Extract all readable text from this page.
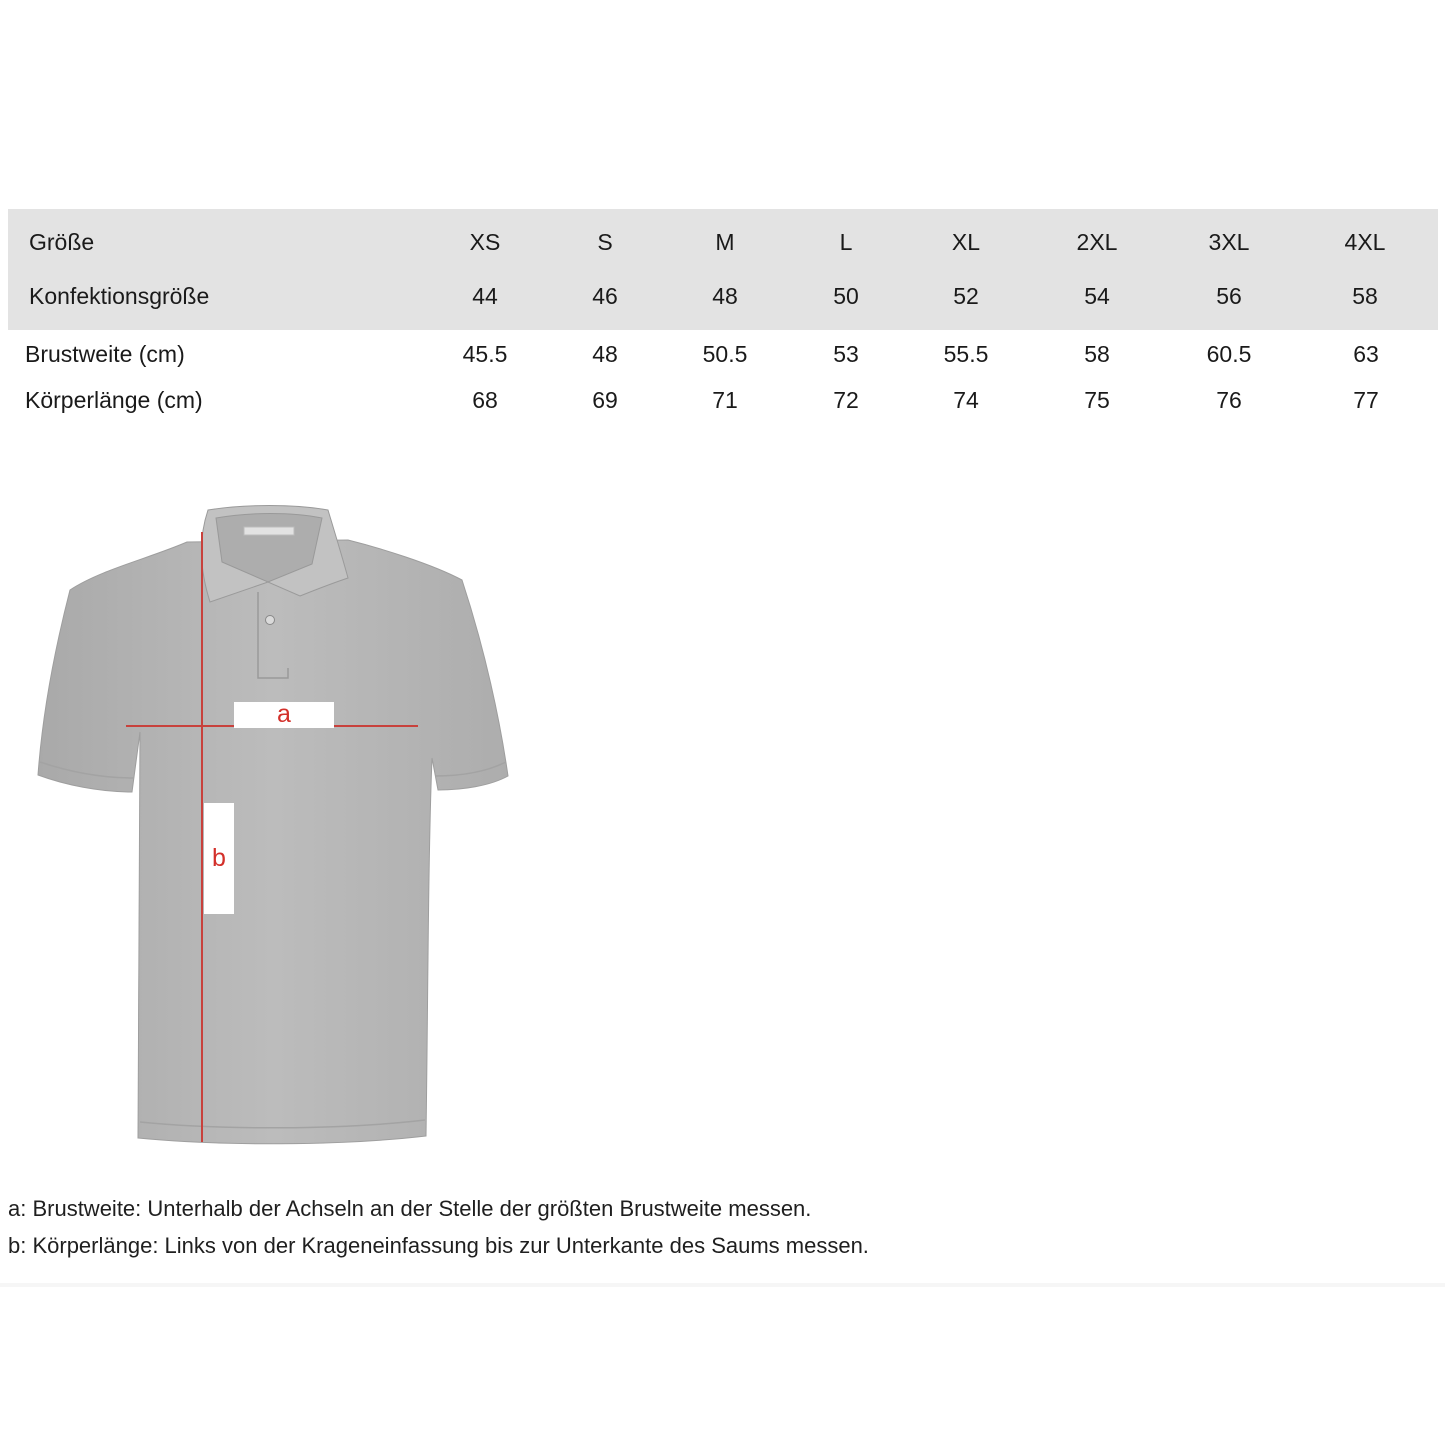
Größe	XS	S	M	L	XL	2XL	3XL	4XL
Konfektionsgröße	44	46	48	50	52	54	56	58
Brustweite (cm)	45.5	48	50.5	53	55.5	58	60.5	63
Körperlänge (cm)	68	69	71	72	74	75	76	77
a
b
a: Brustweite: Unterhalb der Achseln an der Stelle der größten Brustweite messen.
b: Körperlänge: Links von der Krageneinfassung bis zur Unterkante des Saums messen.
